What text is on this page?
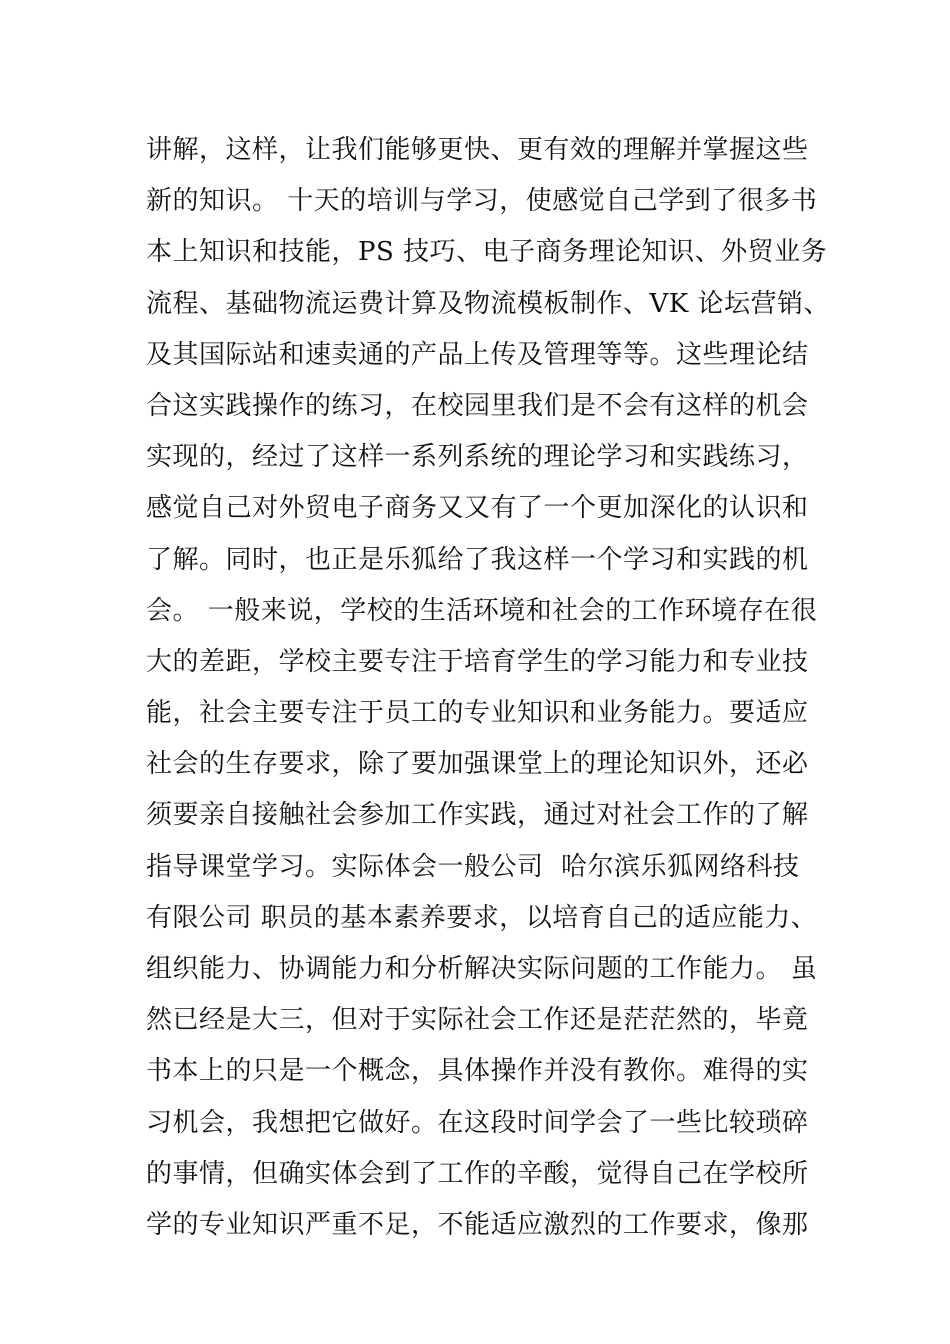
讲解，这样，让我们能够更快、更有效的理解并掌握这些
新的知识。 十天的培训与学习，使感觉自己学到了很多书
本上知识和技能，PS 技巧、电子商务理论知识、外贸业务
流程、基础物流运费计算及物流模板制作、VK 论坛营销、
及其国际站和速卖通的产品上传及管理等等。这些理论结
合这实践操作的练习，在校园里我们是不会有这样的机会
实现的，经过了这样一系列系统的理论学习和实践练习，
感觉自己对外贸电子商务又又有了一个更加深化的认识和
了解。同时，也正是乐狐给了我这样一个学习和实践的机
会。 一般来说，学校的生活环境和社会的工作环境存在很
大的差距，学校主要专注于培育学生的学习能力和专业技
能，社会主要专注于员工的专业知识和业务能力。要适应
社会的生存要求，除了要加强课堂上的理论知识外，还必
须要亲自接触社会参加工作实践，通过对社会工作的了解
指导课堂学习。实际体会一般公司  哈尔滨乐狐网络科技
有限公司 职员的基本素养要求，以培育自己的适应能力、
组织能力、协调能力和分析解决实际问题的工作能力。 虽
然已经是大三，但对于实际社会工作还是茫茫然的，毕竟
书本上的只是一个概念，具体操作并没有教你。难得的实
习机会，我想把它做好。在这段时间学会了一些比较琐碎
的事情，但确实体会到了工作的辛酸，觉得自己在学校所
学的专业知识严重不足，不能适应激烈的工作要求，像那
